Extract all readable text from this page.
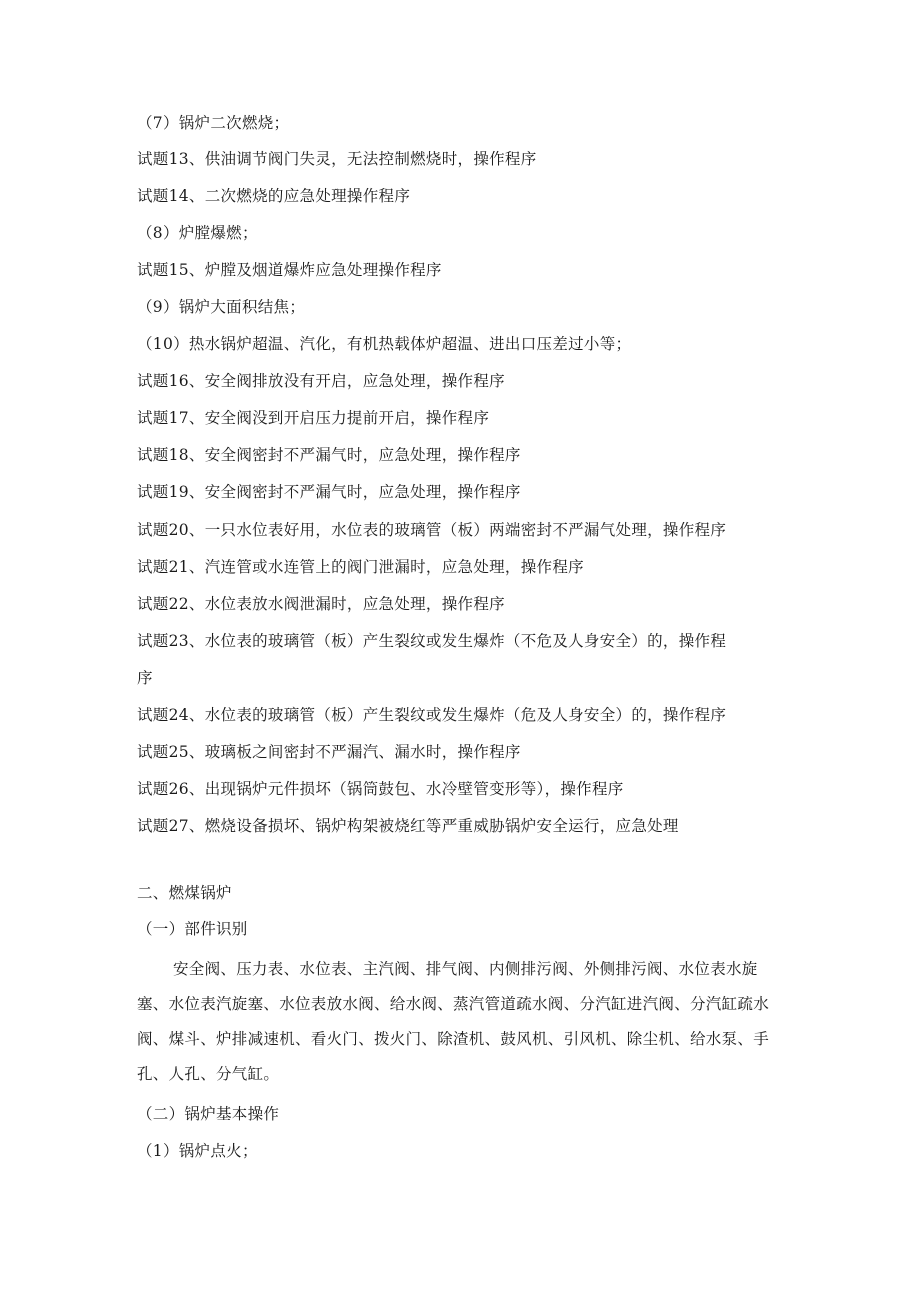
（7）锅炉二次燃烧；
试题13、供油调节阀门失灵，无法控制燃烧时，操作程序
试题14、二次燃烧的应急处理操作程序
（8）炉膛爆燃；
试题15、炉膛及烟道爆炸应急处理操作程序
（9）锅炉大面积结焦；
（10）热水锅炉超温、汽化，有机热载体炉超温、进出口压差过小等；
试题16、安全阀排放没有开启，应急处理，操作程序
试题17、安全阀没到开启压力提前开启，操作程序
试题18、安全阀密封不严漏气时，应急处理，操作程序
试题19、安全阀密封不严漏气时，应急处理，操作程序
试题20、一只水位表好用，水位表的玻璃管（板）两端密封不严漏气处理，操作程序
试题21、汽连管或水连管上的阀门泄漏时，应急处理，操作程序
试题22、水位表放水阀泄漏时，应急处理，操作程序
试题23、水位表的玻璃管（板）产生裂纹或发生爆炸（不危及人身安全）的，操作程
序
试题24、水位表的玻璃管（板）产生裂纹或发生爆炸（危及人身安全）的，操作程序
试题25、玻璃板之间密封不严漏汽、漏水时，操作程序
试题26、出现锅炉元件损坏（锅筒鼓包、水冷壁管变形等），操作程序
试题27、燃烧设备损坏、锅炉构架被烧红等严重威胁锅炉安全运行，应急处理
二、燃煤锅炉
（一）部件识别
安全阀、压力表、水位表、主汽阀、排气阀、内侧排污阀、外侧排污阀、水位表水旋塞、水位表汽旋塞、水位表放水阀、给水阀、蒸汽管道疏水阀、分汽缸进汽阀、分汽缸疏水阀、煤斗、炉排减速机、看火门、拨火门、除渣机、鼓风机、引风机、除尘机、给水泵、手孔、人孔、分气缸。
（二）锅炉基本操作
（1）锅炉点火；
